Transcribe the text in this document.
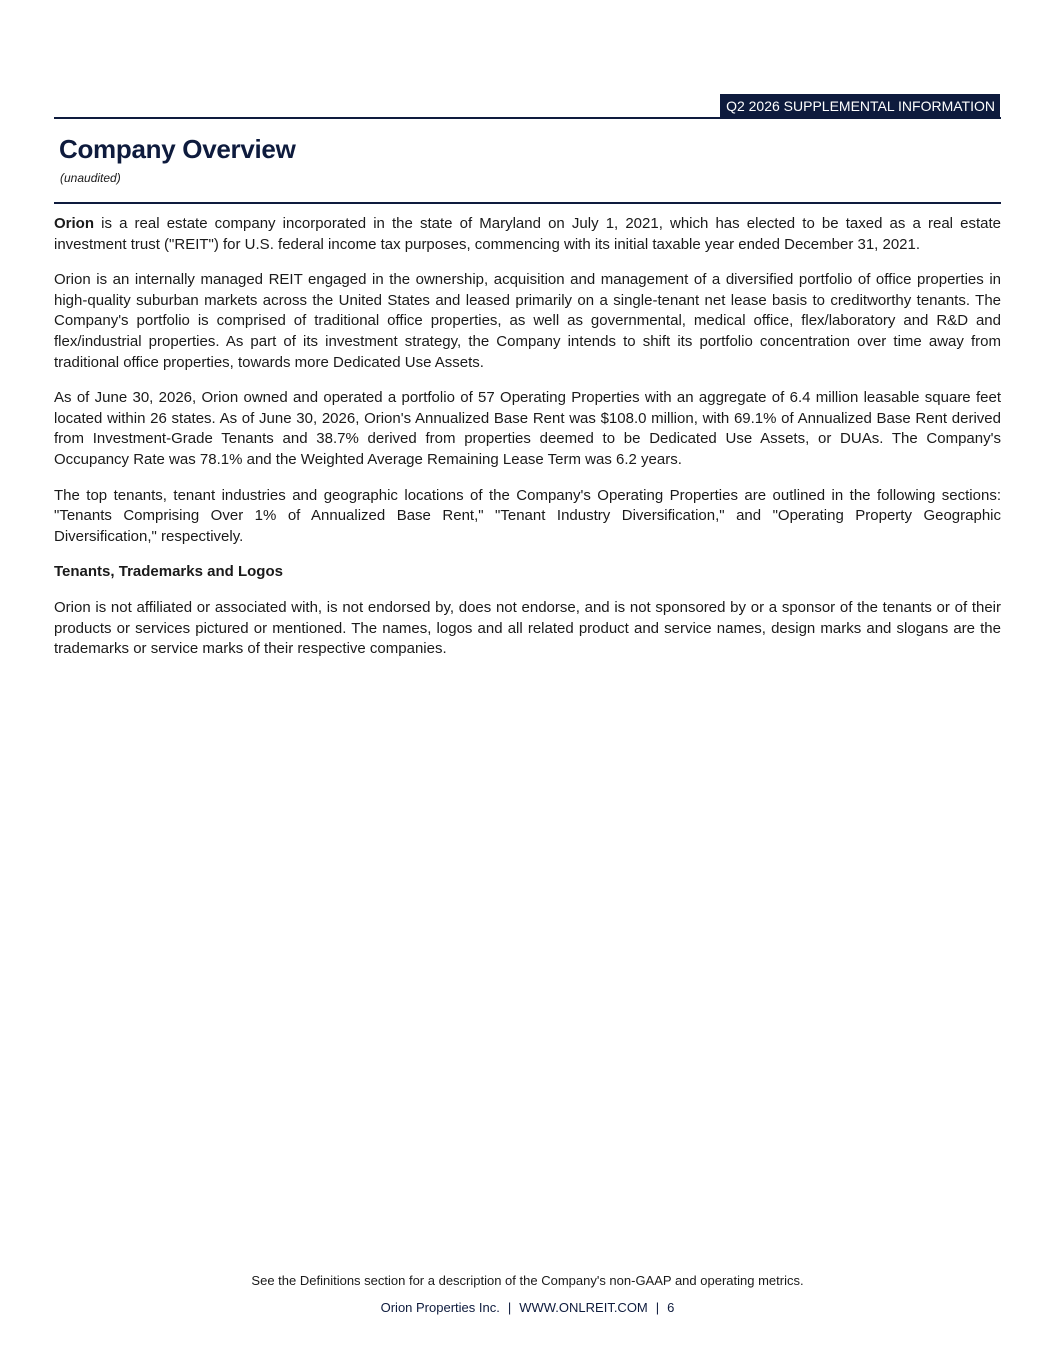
Q2 2026 SUPPLEMENTAL INFORMATION
Company Overview
(unaudited)

Orion is a real estate company incorporated in the state of Maryland on July 1, 2021, which has elected to be taxed as a real estate investment trust ("REIT") for U.S. federal income tax purposes, commencing with its initial taxable year ended December 31, 2021.

Orion is an internally managed REIT engaged in the ownership, acquisition and management of a diversified portfolio of office properties in high-quality suburban markets across the United States and leased primarily on a single-tenant net lease basis to creditworthy tenants. The Company's portfolio is comprised of traditional office properties, as well as governmental, medical office, flex/laboratory and R&D and flex/industrial properties. As part of its investment strategy, the Company intends to shift its portfolio concentration over time away from traditional office properties, towards more Dedicated Use Assets.

As of June 30, 2026, Orion owned and operated a portfolio of 57 Operating Properties with an aggregate of 6.4 million leasable square feet located within 26 states. As of June 30, 2026, Orion's Annualized Base Rent was $108.0 million, with 69.1% of Annualized Base Rent derived from Investment-Grade Tenants and 38.7% derived from properties deemed to be Dedicated Use Assets, or DUAs. The Company's Occupancy Rate was 78.1% and the Weighted Average Remaining Lease Term was 6.2 years.

The top tenants, tenant industries and geographic locations of the Company's Operating Properties are outlined in the following sections: "Tenants Comprising Over 1% of Annualized Base Rent," "Tenant Industry Diversification," and "Operating Property Geographic Diversification," respectively.

Tenants, Trademarks and Logos

Orion is not affiliated or associated with, is not endorsed by, does not endorse, and is not sponsored by or a sponsor of the tenants or of their products or services pictured or mentioned. The names, logos and all related product and service names, design marks and slogans are the trademarks or service marks of their respective companies.

See the Definitions section for a description of the Company's non-GAAP and operating metrics.
Orion Properties Inc. | WWW.ONLREIT.COM | 6
